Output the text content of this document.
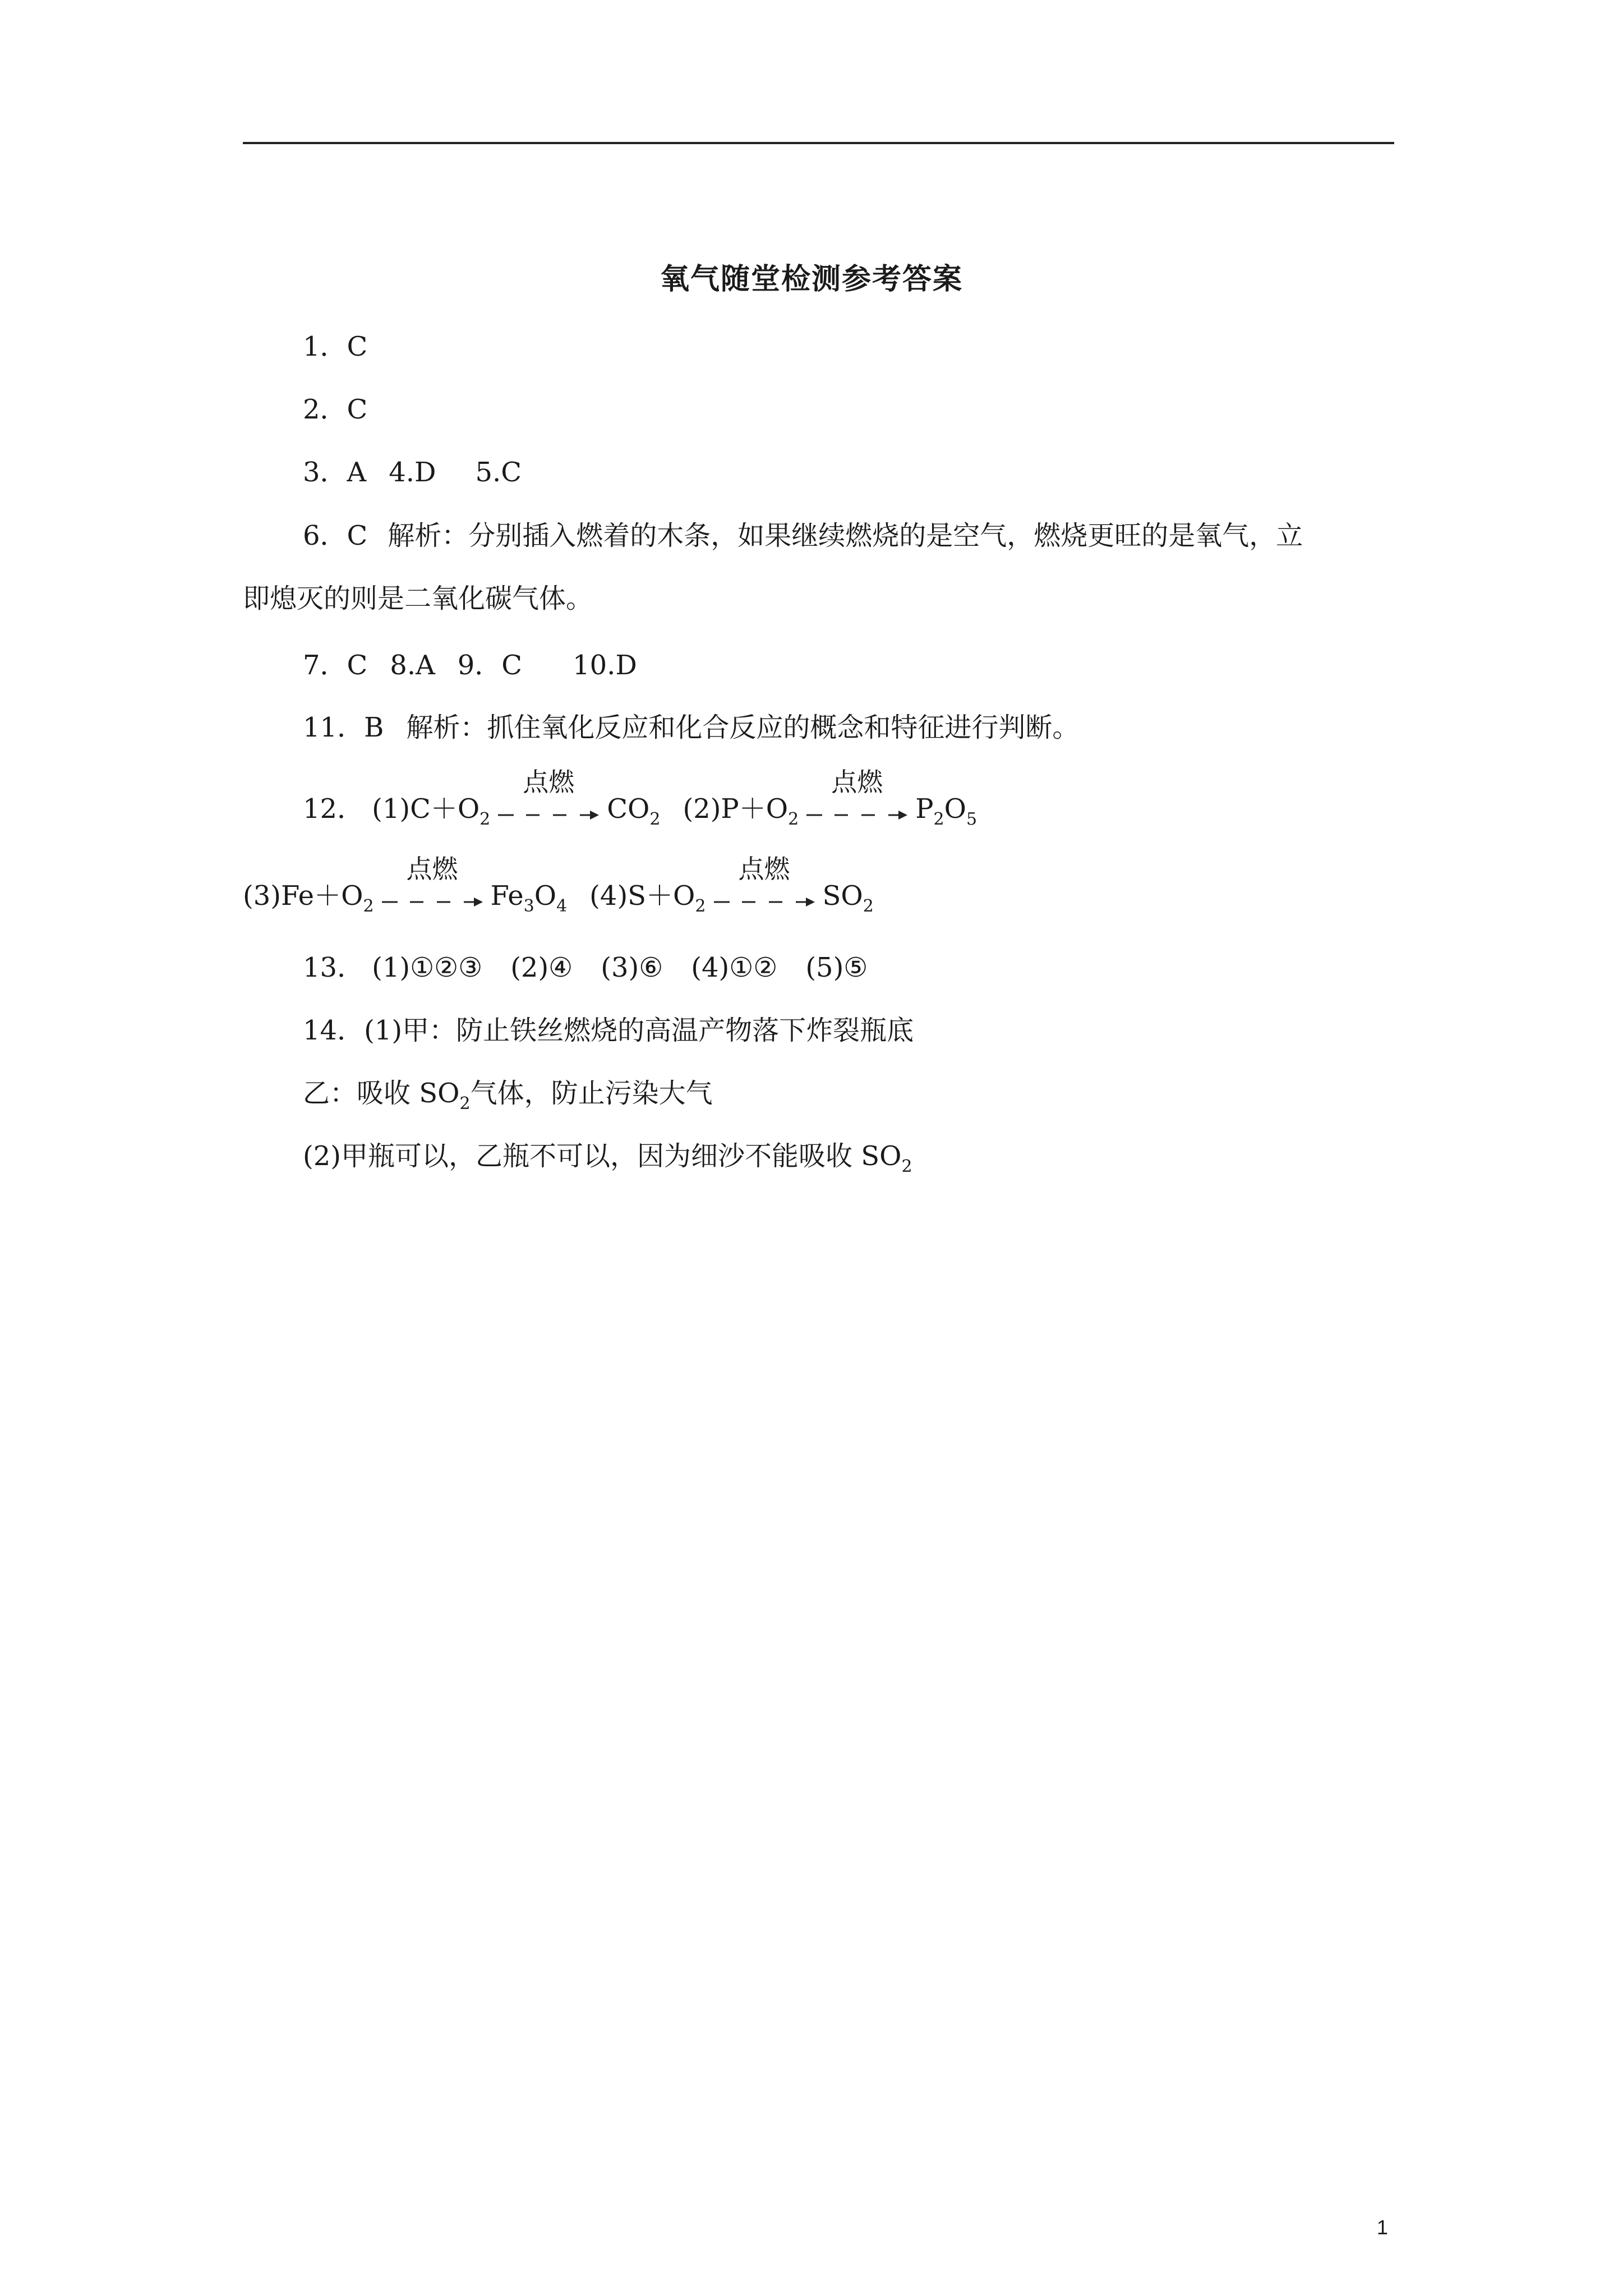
氧气随堂检测参考答案
1．C
2．C
3．A 4.D 5.C
6．C 解析：分别插入燃着的木条，如果继续燃烧的是空气，燃烧更旺的是氧气，立
即熄灭的则是二氧化碳气体。
7．C 8.A 9．C 10.D
11．B 解析：抓住氧化反应和化合反应的概念和特征进行判断。
12． $(1)C+O_2$
点燃
$CO_2$ $(2)P+O_2$
点燃
$P_2O_5$
$(3)Fe+O_2$
点燃
$Fe_3O_4$ $(4)S+O_2$
点燃
$SO_2$
13． (1)①②③ (2)④ (3)⑥ (4)①② (5)⑤
14．(1)甲：防止铁丝燃烧的高温产物落下炸裂瓶底
乙：吸收 $SO_2$气体，防止污染大气
(2)甲瓶可以，乙瓶不可以，因为细沙不能吸收 $SO_2$
1
